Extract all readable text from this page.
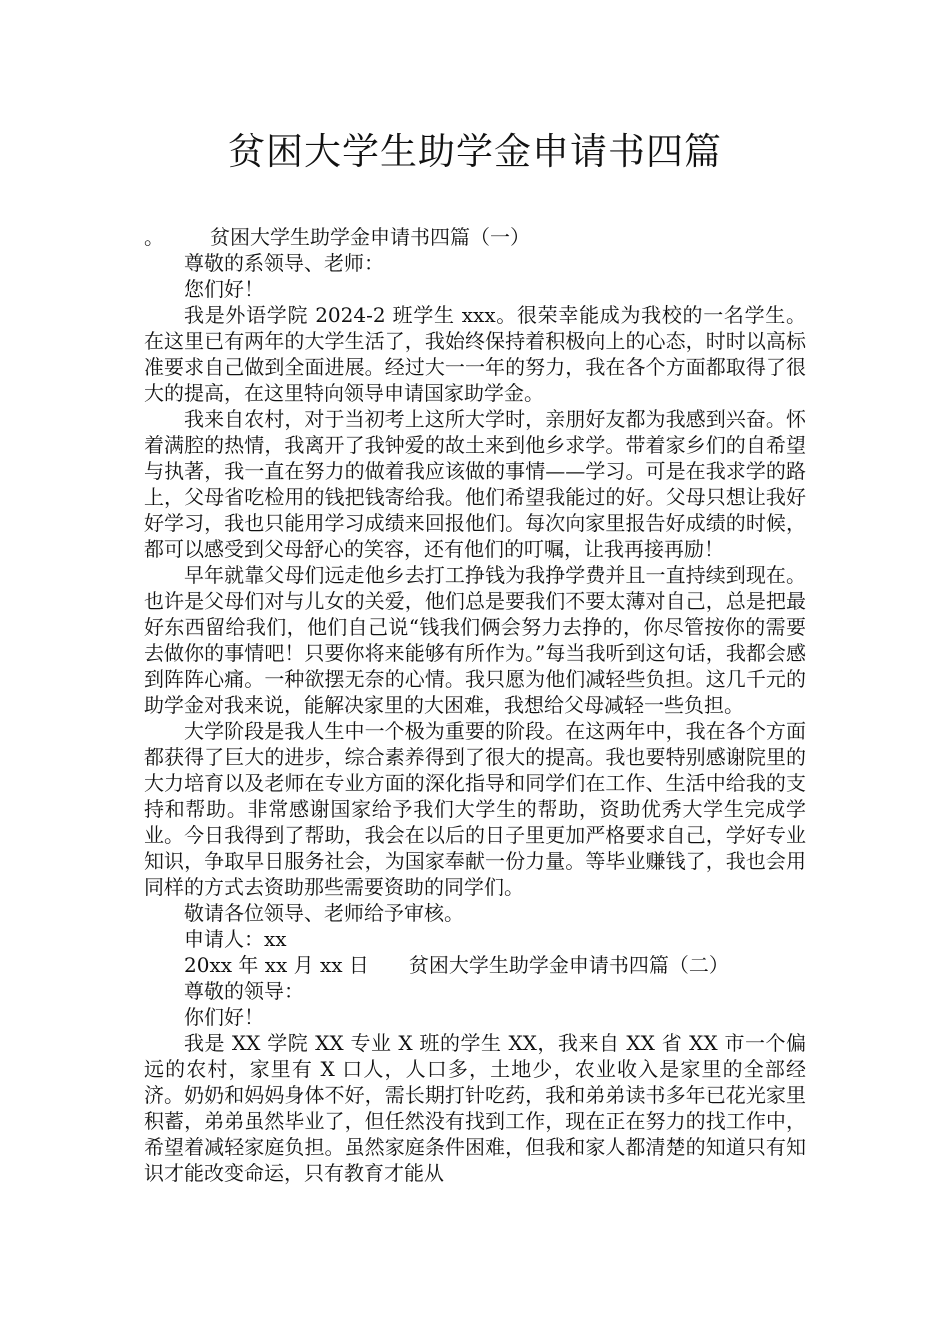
贫困大学生助学金申请书四篇
。 贫困大学生助学金申请书四篇（一）

尊敬的系领导、老师：

您们好！

我是外语学院 2024-2 班学生 xxx。很荣幸能成为我校的一名学生。在这里已有两年的大学生活了，我始终保持着积极向上的心态，时时以高标准要求自己做到全面进展。经过大一一年的努力，我在各个方面都取得了很大的提高，在这里特向领导申请国家助学金。

我来自农村，对于当初考上这所大学时，亲朋好友都为我感到兴奋。怀着满腔的热情，我离开了我钟爱的故土来到他乡求学。带着家乡们的自希望与执著，我一直在努力的做着我应该做的事情——学习。可是在我求学的路上，父母省吃检用的钱把钱寄给我。他们希望我能过的好。父母只想让我好好学习，我也只能用学习成绩来回报他们。每次向家里报告好成绩的时候，都可以感受到父母舒心的笑容，还有他们的叮嘱，让我再接再励！

早年就靠父母们远走他乡去打工挣钱为我挣学费并且一直持续到现在。也许是父母们对与儿女的关爱，他们总是要我们不要太薄对自己，总是把最好东西留给我们，他们自己说“钱我们俩会努力去挣的，你尽管按你的需要去做你的事情吧！只要你将来能够有所作为。”每当我听到这句话，我都会感到阵阵心痛。一种欲摆无奈的心情。我只愿为他们减轻些负担。这几千元的助学金对我来说，能解决家里的大困难，我想给父母减轻一些负担。

大学阶段是我人生中一个极为重要的阶段。在这两年中，我在各个方面都获得了巨大的进步，综合素养得到了很大的提高。我也要特别感谢院里的大力培育以及老师在专业方面的深化指导和同学们在工作、生活中给我的支持和帮助。非常感谢国家给予我们大学生的帮助，资助优秀大学生完成学业。今日我得到了帮助，我会在以后的日子里更加严格要求自己，学好专业知识，争取早日服务社会，为国家奉献一份力量。等毕业赚钱了，我也会用同样的方式去资助那些需要资助的同学们。

敬请各位领导、老师给予审核。

申请人：xx

20xx 年 xx 月 xx 日 贫困大学生助学金申请书四篇（二）

尊敬的领导：

你们好！

我是 XX 学院 XX 专业 X 班的学生 XX，我来自 XX 省 XX 市一个偏远的农村，家里有 X 口人，人口多，土地少，农业收入是家里的全部经济。奶奶和妈妈身体不好，需长期打针吃药，我和弟弟读书多年已花光家里积蓄，弟弟虽然毕业了，但任然没有找到工作，现在正在努力的找工作中，希望着减轻家庭负担。虽然家庭条件困难，但我和家人都清楚的知道只有知识才能改变命运，只有教育才能从
